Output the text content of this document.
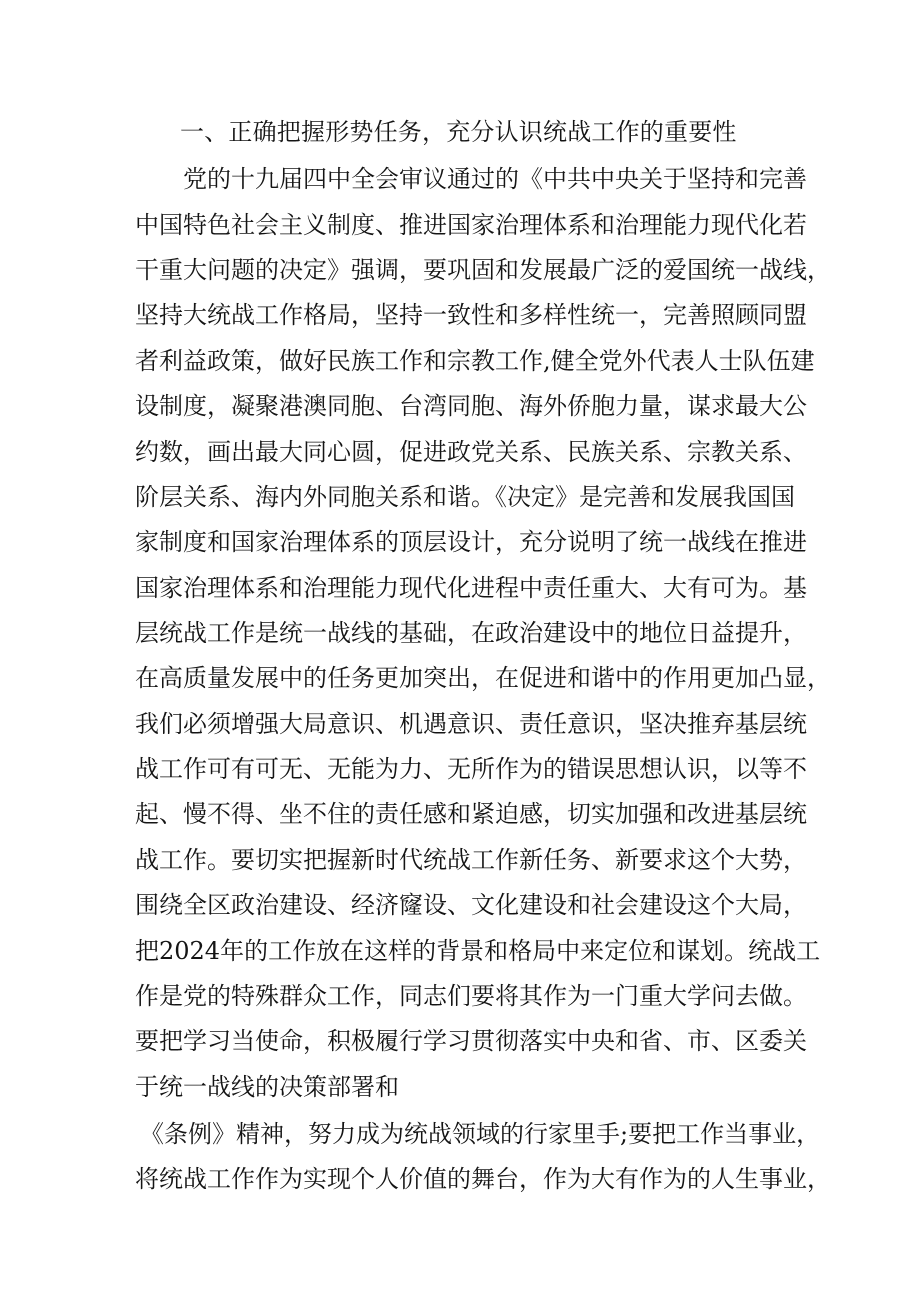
一、正确把握形势任务，充分认识统战工作的重要性

党的十九届四中全会审议通过的《中共中央关于坚持和完善

中国特色社会主义制度、推进国家治理体系和治理能力现代化若

干重大问题的决定》强调，要巩固和发展最广泛的爱国统一战线，

坚持大统战工作格局，坚持一致性和多样性统一，完善照顾同盟

者利益政策，做好民族工作和宗教工作,健全党外代表人士队伍建

设制度，凝聚港澳同胞、台湾同胞、海外侨胞力量，谋求最大公

约数，画出最大同心圆，促进政党关系、民族关系、宗教关系、

阶层关系、海内外同胞关系和谐。《决定》是完善和发展我国国

家制度和国家治理体系的顶层设计，充分说明了统一战线在推进

国家治理体系和治理能力现代化进程中责任重大、大有可为。基

层统战工作是统一战线的基础，在政治建设中的地位日益提升，

在高质量发展中的任务更加突出，在促进和谐中的作用更加凸显，

我们必须增强大局意识、机遇意识、责任意识，坚决推弃基层统

战工作可有可无、无能为力、无所作为的错误思想认识，以等不

起、慢不得、坐不住的责任感和紧迫感，切实加强和改进基层统

战工作。要切实把握新时代统战工作新任务、新要求这个大势，

围绕全区政治建设、经济窿设、文化建设和社会建设这个大局，

把2024年的工作放在这样的背景和格局中来定位和谋划。统战工

作是党的特殊群众工作，同志们要将其作为一门重大学问去做。

要把学习当使命，积极履行学习贯彻落实中央和省、市、区委关

于统一战线的决策部署和

《条例》精神，努力成为统战领域的行家里手;要把工作当事业，

将统战工作作为实现个人价值的舞台，作为大有作为的人生事业，
